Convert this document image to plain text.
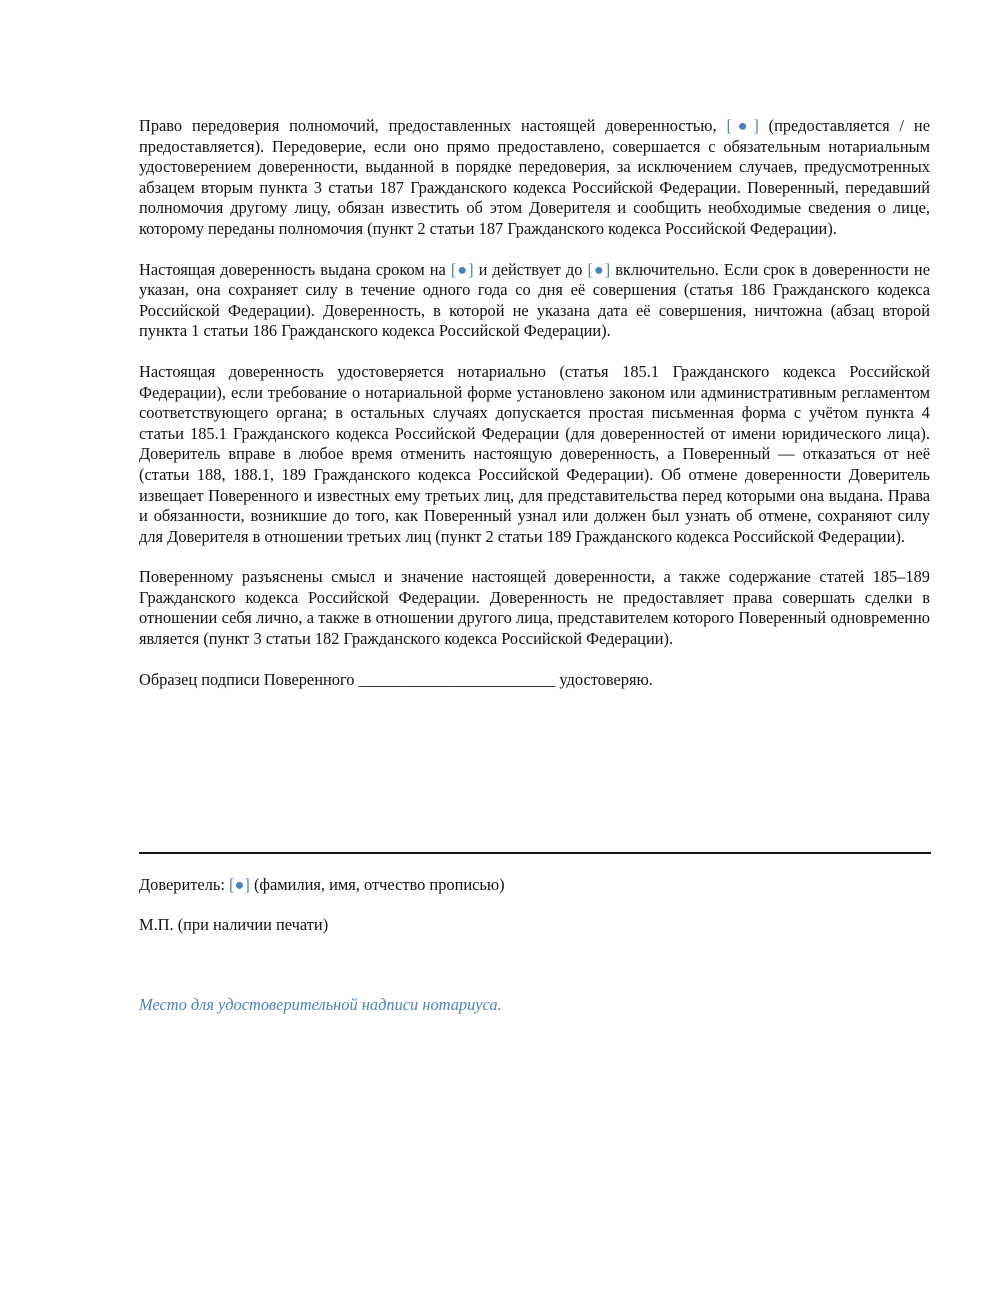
Право передоверия полномочий, предоставленных настоящей доверенностью, [●] (предоставляется / не предоставляется). Передоверие, если оно прямо предоставлено, совершается с обязательным нотариальным удостоверением доверенности, выданной в порядке передоверия, за исключением случаев, предусмотренных абзацем вторым пункта 3 статьи 187 Гражданского кодекса Российской Федерации. Поверенный, передавший полномочия другому лицу, обязан известить об этом Доверителя и сообщить необходимые сведения о лице, которому переданы полномочия (пункт 2 статьи 187 Гражданского кодекса Российской Федерации).

Настоящая доверенность выдана сроком на [●] и действует до [●] включительно. Если срок в доверенности не указан, она сохраняет силу в течение одного года со дня её совершения (статья 186 Гражданского кодекса Российской Федерации). Доверенность, в которой не указана дата её совершения, ничтожна (абзац второй пункта 1 статьи 186 Гражданского кодекса Российской Федерации).

Настоящая доверенность удостоверяется нотариально (статья 185.1 Гражданского кодекса Российской Федерации), если требование о нотариальной форме установлено законом или административным регламентом соответствующего органа; в остальных случаях допускается простая письменная форма с учётом пункта 4 статьи 185.1 Гражданского кодекса Российской Федерации (для доверенностей от имени юридического лица). Доверитель вправе в любое время отменить настоящую доверенность, а Поверенный — отказаться от неё (статьи 188, 188.1, 189 Гражданского кодекса Российской Федерации). Об отмене доверенности Доверитель извещает Поверенного и известных ему третьих лиц, для представительства перед которыми она выдана. Права и обязанности, возникшие до того, как Поверенный узнал или должен был узнать об отмене, сохраняют силу для Доверителя в отношении третьих лиц (пункт 2 статьи 189 Гражданского кодекса Российской Федерации).

Поверенному разъяснены смысл и значение настоящей доверенности, а также содержание статей 185–189 Гражданского кодекса Российской Федерации. Доверенность не предоставляет права совершать сделки в отношении себя лично, а также в отношении другого лица, представителем которого Поверенный одновременно является (пункт 3 статьи 182 Гражданского кодекса Российской Федерации).

Образец подписи Поверенного ________________________ удостоверяю.

Доверитель: [●] (фамилия, имя, отчество прописью)
М.П. (при наличии печати)
Место для удостоверительной надписи нотариуса.
